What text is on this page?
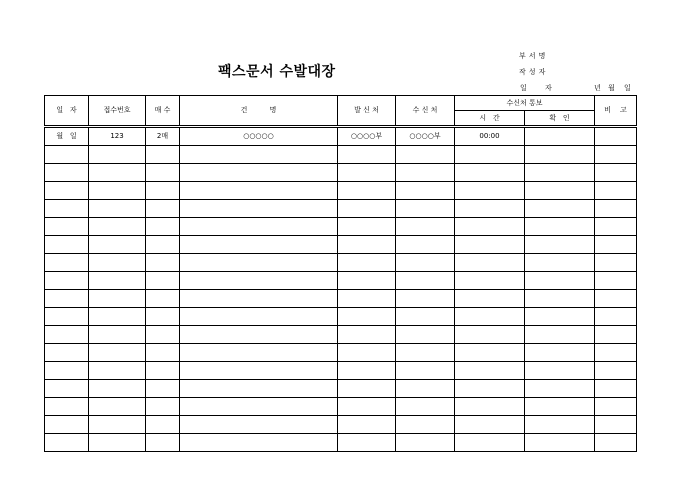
팩스문서 수발대장
부 서 명
작 성 자
일	자	년 월 일
일   자	접수번호	매 수	건          명	발 신 처	수 신 처	수신처 통보		비    고
						시   간	확   인	
월   일	123	2매	○○○○○	○○○○부	○○○○부	00:00		
